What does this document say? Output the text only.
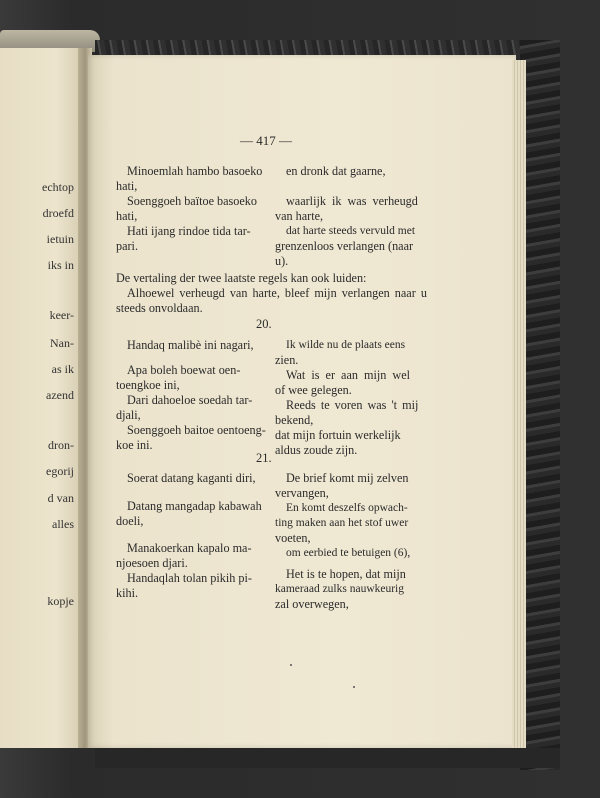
echtop
droefd
ietuin
iks in
keer-
Nan-
as ik
azend
dron-
egorij
d van
alles
kopje
— 417 —
Minoemlah hambo basoeko
hati,
Soenggoeh baïtoe basoeko
hati,
Hati ijang rindoe tida tar-
pari.
en dronk dat gaarne,
waarlijk ik was verheugd
van harte,
dat harte steeds vervuld met
grenzenloos verlangen (naar
u).
De vertaling der twee laatste regels kan ook luiden:
Alhoewel verheugd van harte, bleef mijn verlangen naar u
steeds onvoldaan.
20.
Handaq malibè ini nagari,
Apa boleh boewat oen-
toengkoe ini,
Dari dahoeloe soedah tar-
djali,
Soenggoeh baitoe oentoeng-
koe ini.
Ik wilde nu de plaats eens
zien.
Wat is er aan mijn wel
of wee gelegen.
Reeds te voren was 't mij
bekend,
dat mijn fortuin werkelijk
aldus zoude zijn.
21.
Soerat datang kaganti diri,
Datang mangadap kabawah
doeli,
Manakoerkan kapalo ma-
njoesoen djari.
Handaqlah tolan pikih pi-
kihi.
De brief komt mij zelven
vervangen,
En komt deszelfs opwach-
ting maken aan het stof uwer
voeten,
om eerbied te betuigen (6),
Het is te hopen, dat mijn
kameraad zulks nauwkeurig
zal overwegen,
